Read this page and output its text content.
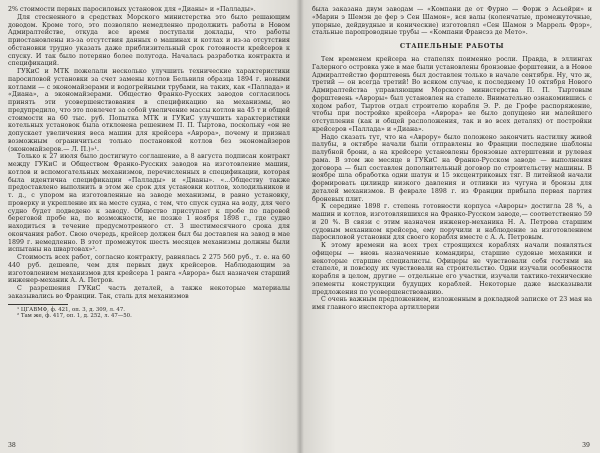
2% стоимости первых паросиловых установок для «Дианы» и «Паллады».

Для стесненного в средствах Морского министерства это было решающим доводом. Кроме того, это позволяло немедленно продолжить работы в Новом Адмиралтействе, откуда все время поступали доклады, что работы приостановлены из-за отсутствия данных о машинах и котлах и из-за отсутствия обстановки трудно указать даже приблизительный срок готовности крейсеров к спуску. И так было потеряно более полугода. Началась разработка контракта и спецификаций.

ГУКиС и МТК пожелали несколько улучшить технические характеристики паросиловой установки за счет замены котлов Бельвиля образца 1894 г. новыми котлами — с экономайзерами и водогрейными трубами, на таких, как «Паллада» и «Диана», а экономайзерами. Общество Франко-Русских заводов согласилось принять эти усовершенствования в спецификацию на механизмы, но предупредило, что это повлечет за собой увеличение массы котлов на 45 т и общей стоимости на 60 тыс. руб. Попытка МТК и ГУКиС улучшить характеристики котельных установок была отклонена решением П. П. Тыртова, поскольку «он не допускает увеличения веса машин для крейсера «Аврора», почему и признал возможным ограничиться только постановкой котлов без экономайзеров (экономайзеров.— Л. П.)»¹.

Только к 27 июля было достигнуто соглашение, а 8 августа подписан контракт между ГУКиС и Обществом Франко-Русских заводов на изготовление машин, котлов и вспомогательных механизмов, перечисленных в спецификации, которая была идентична спецификации «Паллады» и «Дианы». «...Обществу также предоставлено выполнить в этом же срок для установки котлов, холодильников и т. д., с упором на изготовленные на заводе механизмы, в равно установку, проверку и укрепление их на месте судна, с тем, что спуск судна на воду, для чего судно будет подведено к заводу. Общество приступает к пробе по паровой береговой пробе на, по возможности, не позже 1 ноября 1898 г., где судно находиться в течение предусмотренного ст. 3 шестимесячного срока для окончания работ. Свою очередь, крейсер должен был бы доставлен на завод в мае 1899 г. немедленно. В этот промежуток шесть месяцев механизмы должны были испытаны на швартовах»².

Стоимость всех работ, согласно контракту, равнялась 2 275 560 руб., т. е. на 60 440 руб. дешевле, чем для первых двух крейсеров. Наблюдающим за изготовлением механизмов для крейсера 1 ранга «Аврора» был назначен старший инженер-механик А. А. Петров.

С разрешения ГУКиС часть деталей, а также некоторые материалы заказывались во Франции. Так, сталь для механизмов

¹ ЦГАВМФ, ф. 421, оп. 3, д. 309, л. 47.

² Там же, ф. 417, оп. 1, д. 252, л. 47—50.

38

была заказана двум заводам — «Компани де от Фурно — Форж э Асьейри» и «Марин э Шемэн де фер э Сен Шамон», вся валы (коленчатые, промежуточные, упорные, дейдвудные и конические) изготовлял «Сен Шамон э Маррель Фрэр», стальные паропроводные трубы — «Компани Франсэз де Мето».

СТАПЕЛЬНЫЕ РАБОТЫ

Тем временем крейсера на стапелях поименно росли. Правда, в эллингах Галерного островка уже в мае были установлены бронзовые форштевни, а в Новое Адмиралтейство форштевень был доставлен только в начале сентября. Ну, что ж, третий — он всегда третий! Во всяком случае, к последнему 10 октября Нового Адмиралтейства управляющим Морского министерства П. П. Тыртовым форштевень «Авроры» был установлен на стапеле. Внимательно ознакомившись с ходом работ, Тыртов отдал строителю корабля Э. Р. де Грофе распоряжение, чтобы при постройке крейсера «Аврора» не было допущено ни малейшего отступления (как и общей расположения, так и во всех деталях) от постройки крейсеров «Паллада» и «Диана».

Надо сказать тут, что на «Аврору» было положено закончить настилку живой палубы, в октябре начали были отправлены во Франции последние шаблоны палубной брони, а на крейсере установлены бронзовые ахтерштевни и рулевая рама. В этом же месяце в ГУКиС на Франко-Русском заводе — выполнения договора — был составлен дополнительный договор по строительству машины. В ноябре шла обработка одни шатун и 15 эксцентриковых тяг. В литейной начали формировать цилиндр низкого давления и отливки из чугуна и бронзы для деталей механизмов. В феврале 1898 г. из Франции прибыла первая партия броневых плит.

К середине 1898 г. степень готовности корпуса «Авроры» достигла 28 %, а машин и котлов, изготовлявшихся на Франко-Русском заводе,— соответственно 59 и 20 %. В связи с этим назначен инженер-механика Н. А. Петрова старшим судовым механиком крейсера, ему поручили и наблюдение за изготовлением паросиловой установки для своего корабля вместе с А. А. Петровым.

К этому времени на всех трех строящихся кораблях начали появляться офицеры — вновь назначенные командиры, старшие судовые механики и некоторые старшие специалисты. Офицеры не чувствовали себя гостями на стапеле, и повсюду их чувствовали на строительство. Одни изучали особенности корабля в целом, другие — отдельные его участки, изучали тактико-технические элементы конструкции будущих кораблей. Некоторые даже высказывали предложения по усовершенствованию.

С очень важным предложением, изложенным в докладной записке от 23 мая на имя главного инспектора артиллерии

39
